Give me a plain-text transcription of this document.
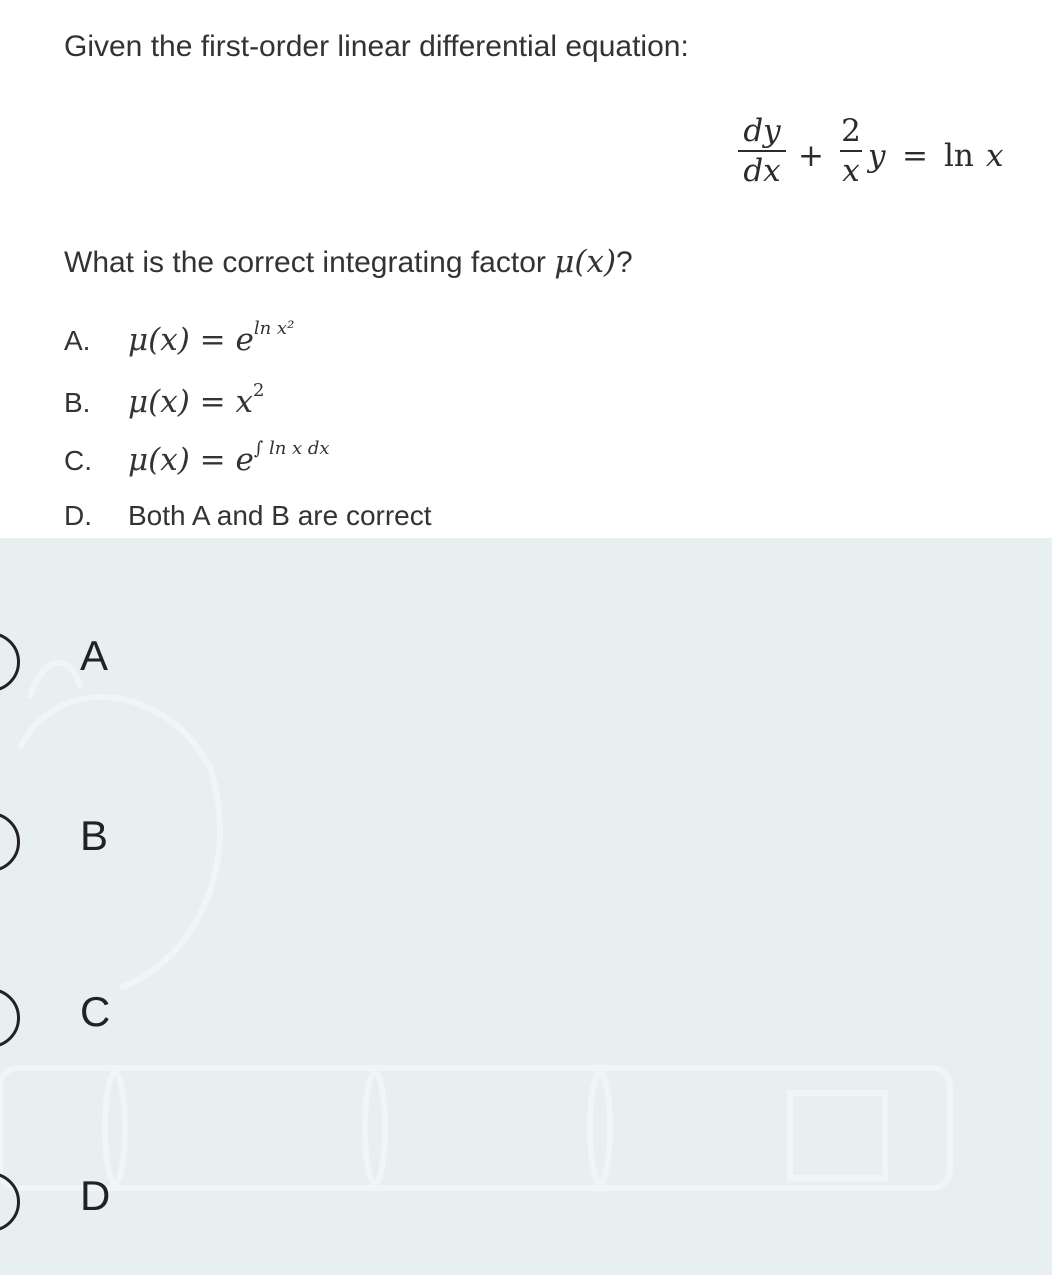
Given the first-order linear differential equation:
dy
dx +
2
x y = ln x
What is the correct integrating factor μ(x)?
A. $\mu(x) = e^{ln x^2}$
B. $\mu(x) = x^2$
C. $\mu(x) = e^{\int ln x dx}$
D. Both A and B are correct
A
B
C
D
